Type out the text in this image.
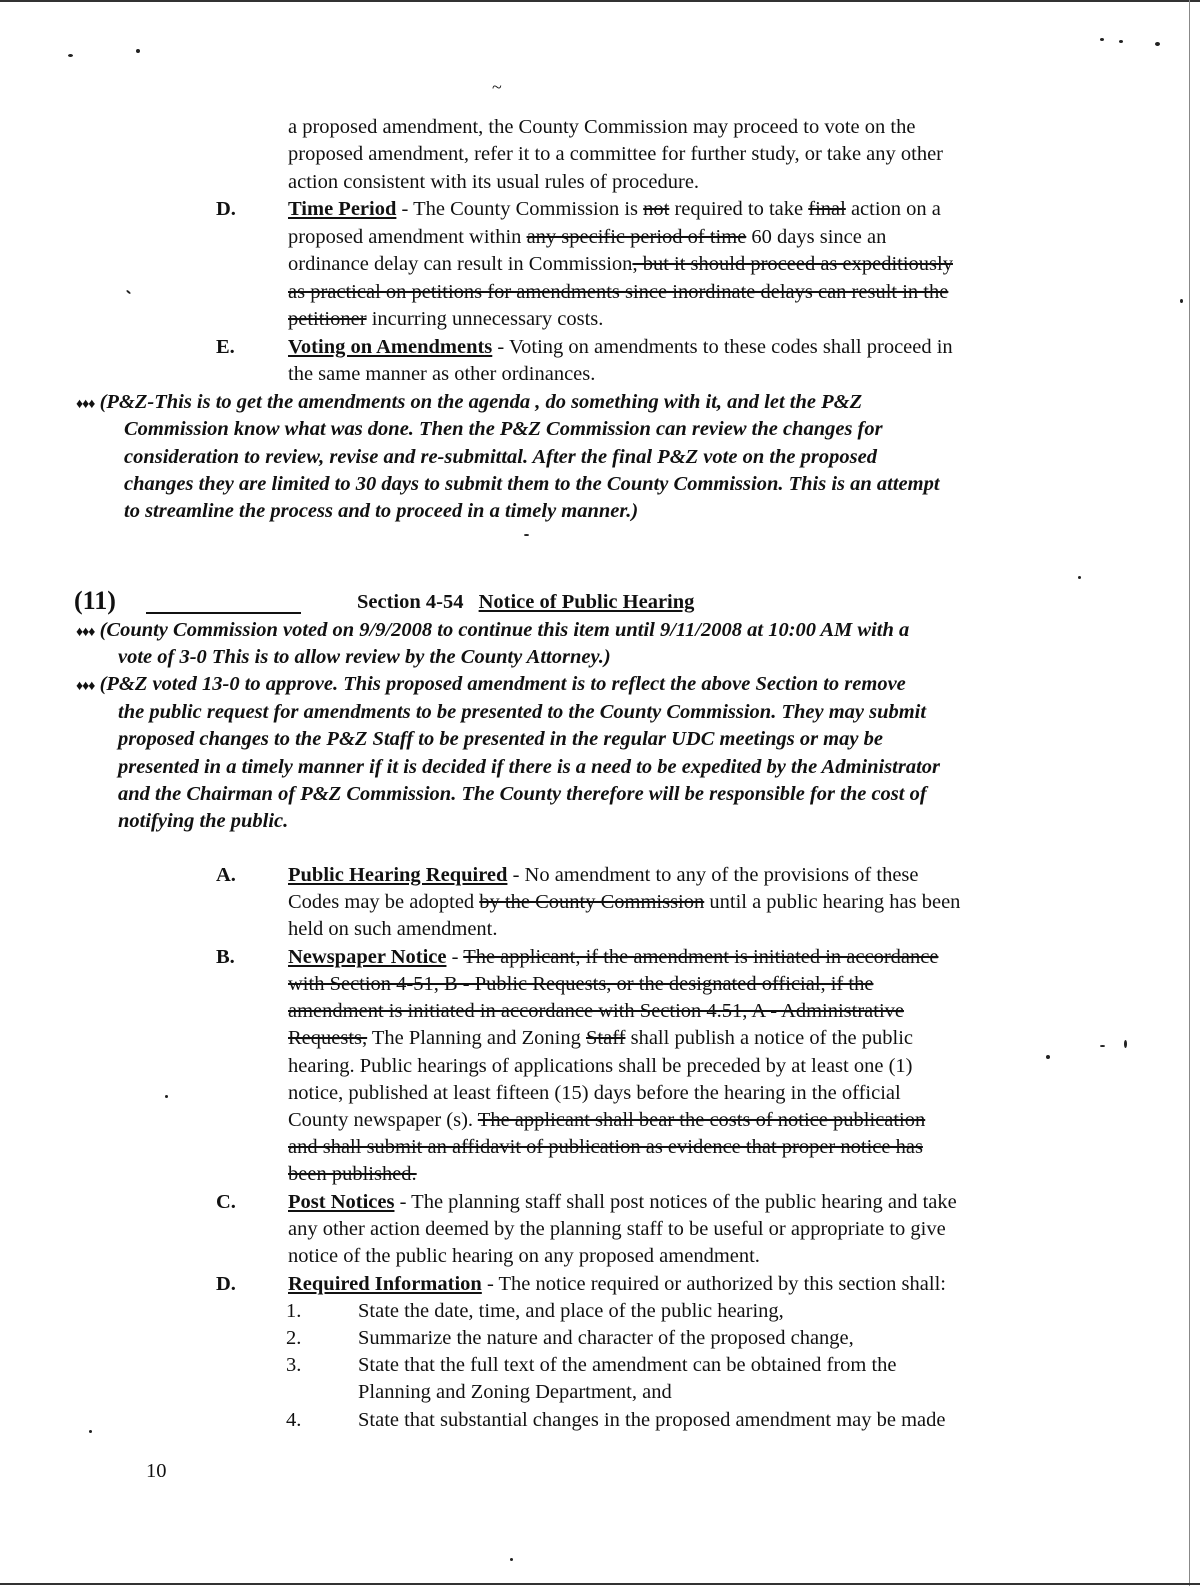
~
a proposed amendment, the County Commission may proceed to vote on the
proposed amendment, refer it to a committee for further study, or take any other
action consistent with its usual rules of procedure.
D.	Time Period - The County Commission is not required to take final action on a
proposed amendment within any specific period of time 60 days since an
ordinance delay can result in Commission, but it should proceed as expeditiously
as practical on petitions for amendments since inordinate delays can result in the
petitioner incurring unnecessary costs.
E.	Voting on Amendments - Voting on amendments to these codes shall proceed in
the same manner as other ordinances.
♦♦♦ (P&Z-This is to get the amendments on the agenda , do something with it, and let the P&Z
Commission know what was done. Then the P&Z Commission can review the changes for
consideration to review, revise and re-submittal. After the final P&Z vote on the proposed
changes they are limited to 30 days to submit them to the County Commission. This is an attempt
to streamline the process and to proceed in a timely manner.)
(11)	Section 4-54 Notice of Public Hearing
♦♦♦ (County Commission voted on 9/9/2008 to continue this item until 9/11/2008 at 10:00 AM with a
vote of 3-0 This is to allow review by the County Attorney.)
♦♦♦ (P&Z voted 13-0 to approve. This proposed amendment is to reflect the above Section to remove
the public request for amendments to be presented to the County Commission. They may submit
proposed changes to the P&Z Staff to be presented in the regular UDC meetings or may be
presented in a timely manner if it is decided if there is a need to be expedited by the Administrator
and the Chairman of P&Z Commission. The County therefore will be responsible for the cost of
notifying the public.
A.	Public Hearing Required - No amendment to any of the provisions of these
Codes may be adopted by the County Commission until a public hearing has been
held on such amendment.
B.	Newspaper Notice - The applicant, if the amendment is initiated in accordance
with Section 4-51, B - Public Requests, or the designated official, if the
amendment is initiated in accordance with Section 4.51, A - Administrative
Requests, The Planning and Zoning Staff shall publish a notice of the public
hearing. Public hearings of applications shall be preceded by at least one (1)
notice, published at least fifteen (15) days before the hearing in the official
County newspaper (s). The applicant shall bear the costs of notice publication
and shall submit an affidavit of publication as evidence that proper notice has
been published.
C.	Post Notices - The planning staff shall post notices of the public hearing and take
any other action deemed by the planning staff to be useful or appropriate to give
notice of the public hearing on any proposed amendment.
D.	Required Information - The notice required or authorized by this section shall:
1.	State the date, time, and place of the public hearing,
2.	Summarize the nature and character of the proposed change,
3.	State that the full text of the amendment can be obtained from the
Planning and Zoning Department, and
4.	State that substantial changes in the proposed amendment may be made
10
